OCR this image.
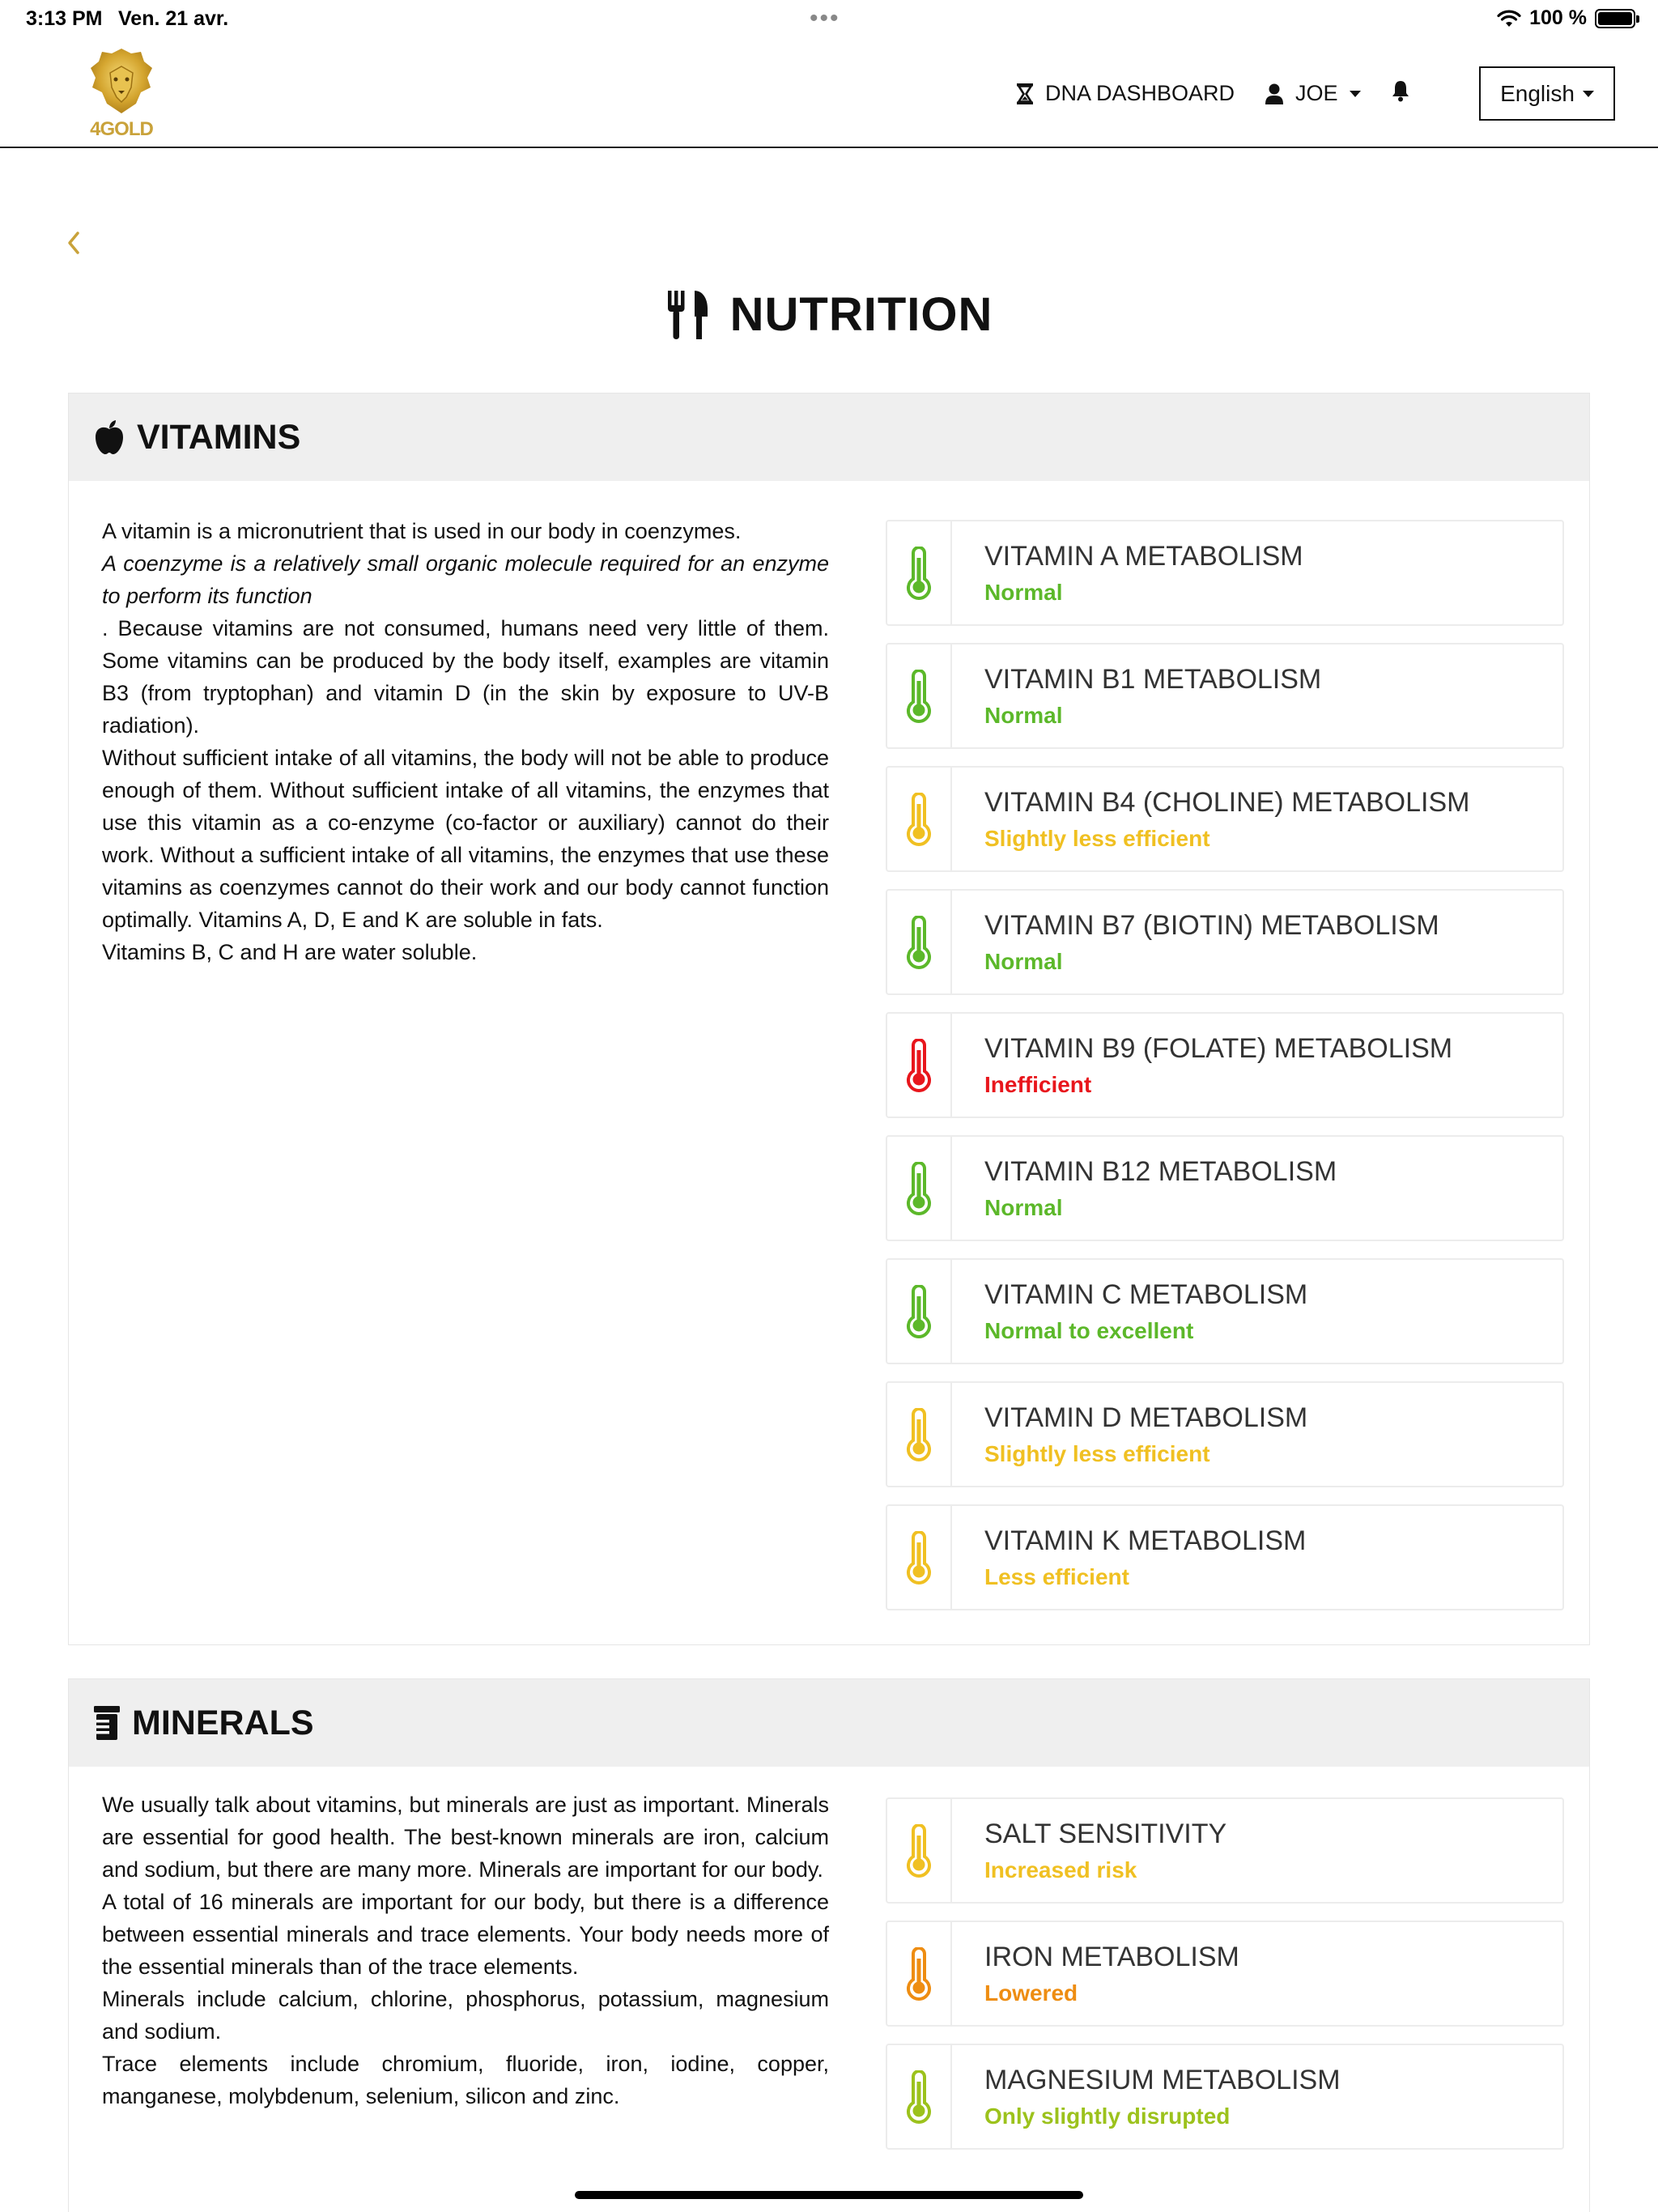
3:13 PM Ven. 21 avr.	•••	100 %
4GOLD
DNA DASHBOARD	JOE	English
NUTRITION
VITAMINS

A vitamin is a micronutrient that is used in our body in coenzymes.

A coenzyme is a relatively small organic molecule required for an enzyme to perform its function

. Because vitamins are not consumed, humans need very little of them. Some vitamins can be produced by the body itself, examples are vitamin B3 (from tryptophan) and vitamin D (in the skin by exposure to UV-B radiation).

Without sufficient intake of all vitamins, the body will not be able to produce enough of them. Without sufficient intake of all vitamins, the enzymes that use this vitamin as a co-enzyme (co-factor or auxiliary) cannot do their work. Without a sufficient intake of all vitamins, the enzymes that use these vitamins as coenzymes cannot do their work and our body cannot function optimally. Vitamins A, D, E and K are soluble in fats.

Vitamins B, C and H are water soluble.

VITAMIN A METABOLISM
Normal
VITAMIN B1 METABOLISM
Normal
VITAMIN B4 (CHOLINE) METABOLISM
Slightly less efficient
VITAMIN B7 (BIOTIN) METABOLISM
Normal
VITAMIN B9 (FOLATE) METABOLISM
Inefficient
VITAMIN B12 METABOLISM
Normal
VITAMIN C METABOLISM
Normal to excellent
VITAMIN D METABOLISM
Slightly less efficient
VITAMIN K METABOLISM
Less efficient
MINERALS

We usually talk about vitamins, but minerals are just as important. Minerals are essential for good health. The best-known minerals are iron, calcium and sodium, but there are many more. Minerals are important for our body.

A total of 16 minerals are important for our body, but there is a difference between essential minerals and trace elements. Your body needs more of the essential minerals than of the trace elements.

Minerals include calcium, chlorine, phosphorus, potassium, magnesium and sodium.

Trace elements include chromium, fluoride, iron, iodine, copper, manganese, molybdenum, selenium, silicon and zinc.

SALT SENSITIVITY
Increased risk
IRON METABOLISM
Lowered
MAGNESIUM METABOLISM
Only slightly disrupted
